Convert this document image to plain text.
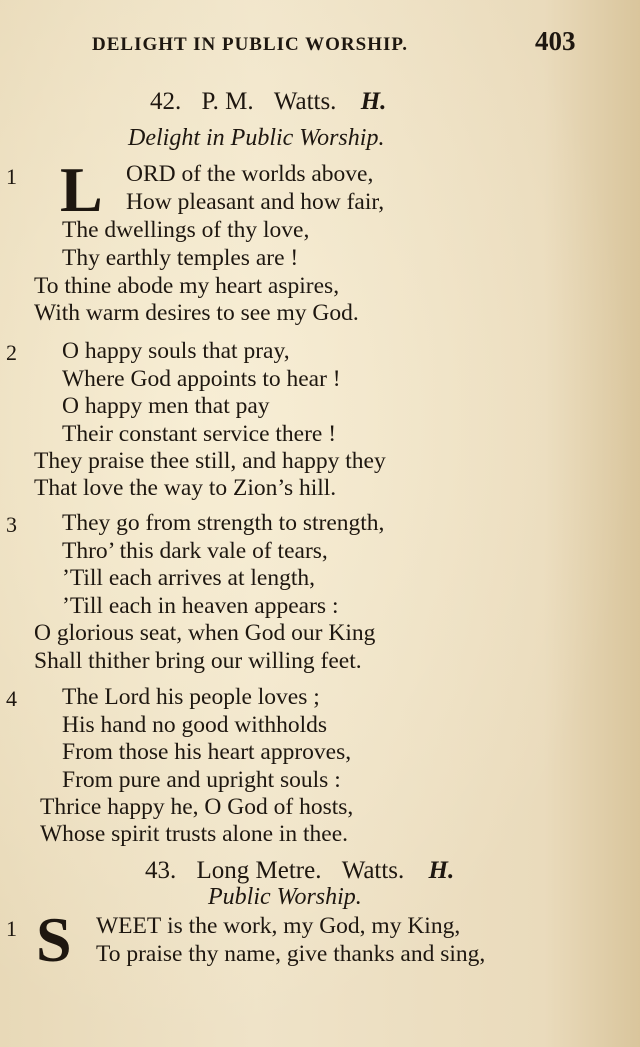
DELIGHT IN PUBLIC WORSHIP.	403
42. P. M. Watts. H.
Delight in Public Worship.
1 L ORD of the worlds above,
How pleasant and how fair,
The dwellings of thy love,
Thy earthly temples are !
To thine abode my heart aspires,
With warm desires to see my God.
2 O happy souls that pray,
Where God appoints to hear !
O happy men that pay
Their constant service there !
They praise thee still, and happy they
That love the way to Zion’s hill.
3 They go from strength to strength,
Thro’ this dark vale of tears,
’Till each arrives at length,
’Till each in heaven appears :
O glorious seat, when God our King
Shall thither bring our willing feet.
4 The Lord his people loves ;
His hand no good withholds
From those his heart approves,
From pure and upright souls :
Thrice happy he, O God of hosts,
Whose spirit trusts alone in thee.
43. Long Metre. Watts. H.
Public Worship.
1 S WEET is the work, my God, my King,
To praise thy name, give thanks and sing,
